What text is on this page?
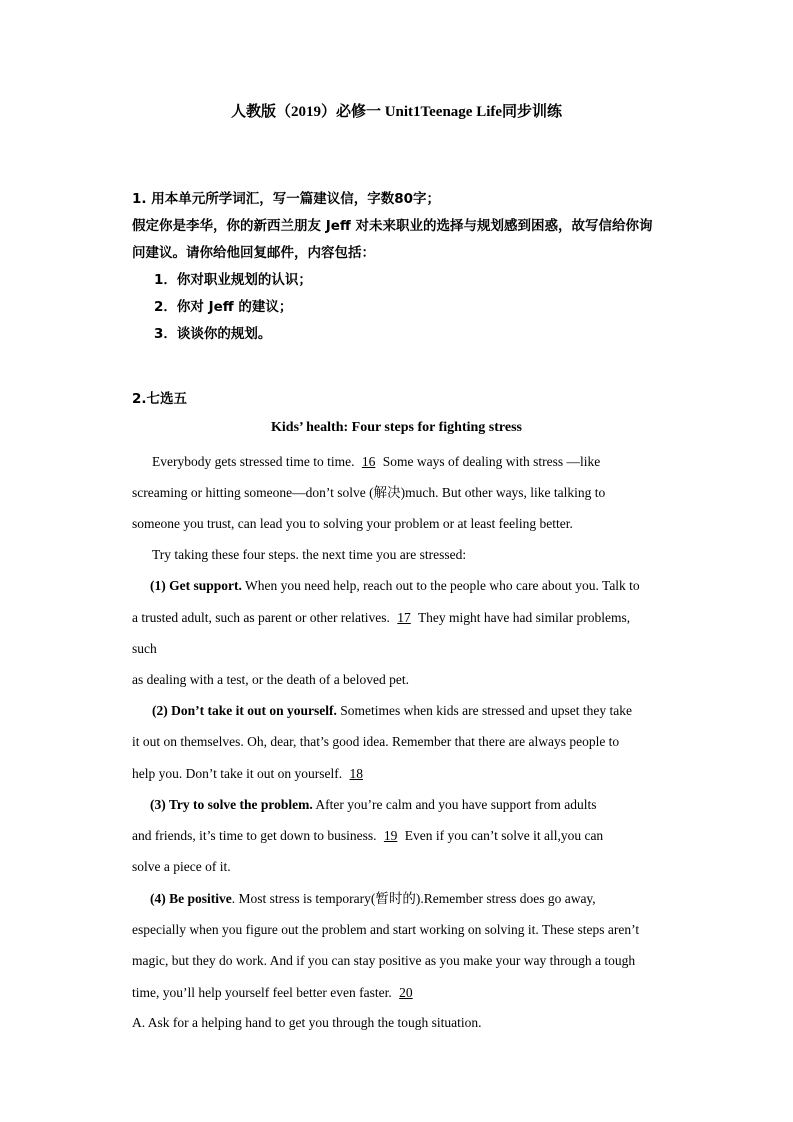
人教版（2019）必修一 Unit1Teenage Life同步训练
1. 用本单元所学词汇，写一篇建议信，字数80字；
假定你是李华，你的新西兰朋友 Jeff 对未来职业的选择与规划感到困惑，故写信给你询
问建议。请你给他回复邮件，内容包括：
1．你对职业规划的认识；
2．你对 Jeff 的建议；
3．谈谈你的规划。
2.七选五
Kids’ health: Four steps for fighting stress
Everybody gets stressed time to time. 16 Some ways of dealing with stress —like
screaming or hitting someone—don’t solve (解决)much. But other ways, like talking to
someone you trust, can lead you to solving your problem or at least feeling better.
Try taking these four steps. the next time you are stressed:
(1) Get support. When you need help, reach out to the people who care about you. Talk to
a trusted adult, such as parent or other relatives. 17 They might have had similar problems,
such
as dealing with a test, or the death of a beloved pet.
(2) Don’t take it out on yourself. Sometimes when kids are stressed and upset they take
it out on themselves. Oh, dear, that’s good idea. Remember that there are always people to
help you. Don’t take it out on yourself. 18
(3) Try to solve the problem. After you’re calm and you have support from adults
and friends, it’s time to get down to business. 19 Even if you can’t solve it all,you can
solve a piece of it.
(4) Be positive. Most stress is temporary(暂时的).Remember stress does go away,
especially when you figure out the problem and start working on solving it. These steps aren’t
magic, but they do work. And if you can stay positive as you make your way through a tough
time, you’ll help yourself feel better even faster. 20
A. Ask for a helping hand to get you through the tough situation.
